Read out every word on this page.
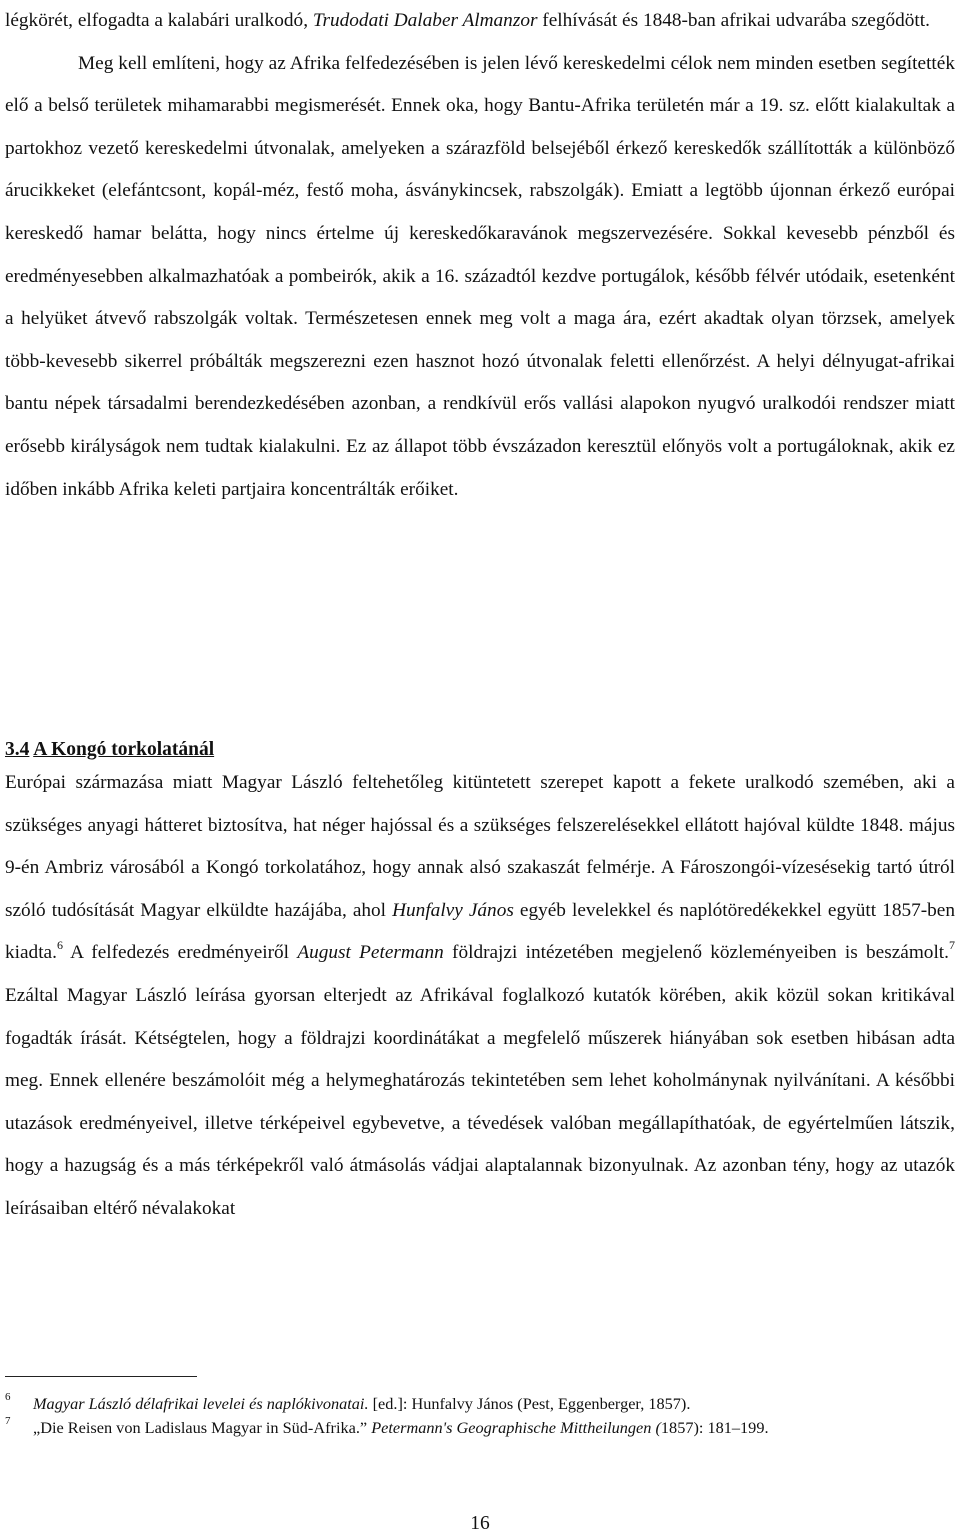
légkörét, elfogadta a kalabári uralkodó, Trudodati Dalaber Almanzor felhívását és 1848-ban afrikai udvarába szegődött.

Meg kell említeni, hogy az Afrika felfedezésében is jelen lévő kereskedelmi célok nem minden esetben segítették elő a belső területek mihamarabbi megismerését. Ennek oka, hogy Bantu-Afrika területén már a 19. sz. előtt kialakultak a partokhoz vezető kereskedelmi útvonalak, amelyeken a szárazföld belsejéből érkező kereskedők szállították a különböző árucikkeket (elefántcsont, kopál-méz, festő moha, ásványkincsek, rabszolgák). Emiatt a legtöbb újonnan érkező európai kereskedő hamar belátta, hogy nincs értelme új kereskedőkaravánok megszervezésére. Sokkal kevesebb pénzből és eredményesebben alkalmazhatóak a pombeirók, akik a 16. századtól kezdve portugálok, később félvér utódaik, esetenként a helyüket átvevő rabszolgák voltak. Természetesen ennek meg volt a maga ára, ezért akadtak olyan törzsek, amelyek több-kevesebb sikerrel próbálták megszerezni ezen hasznot hozó útvonalak feletti ellenőrzést. A helyi délnyugat-afrikai bantu népek társadalmi berendezkedésében azonban, a rendkívül erős vallási alapokon nyugvó uralkodói rendszer miatt erősebb királyságok nem tudtak kialakulni. Ez az állapot több évszázadon keresztül előnyös volt a portugáloknak, akik ez időben inkább Afrika keleti partjaira koncentrálták erőiket.

3.4 A Kongó torkolatánál

Európai származása miatt Magyar László feltehetőleg kitüntetett szerepet kapott a fekete uralkodó szemében, aki a szükséges anyagi hátteret biztosítva, hat néger hajóssal és a szükséges felszerelésekkel ellátott hajóval küldte 1848. május 9-én Ambriz városából a Kongó torkolatához, hogy annak alsó szakaszát felmérje. A Fároszongói-vízesésekig tartó útról szóló tudósítását Magyar elküldte hazájába, ahol Hunfalvy János egyéb levelekkel és naplótöredékekkel együtt 1857-ben kiadta.$^6$ A felfedezés eredményeiről August Petermann földrajzi intézetében megjelenő közleményeiben is beszámolt.$^7$ Ezáltal Magyar László leírása gyorsan elterjedt az Afrikával foglalkozó kutatók körében, akik közül sokan kritikával fogadták írását. Kétségtelen, hogy a földrajzi koordinátákat a megfelelő műszerek hiányában sok esetben hibásan adta meg. Ennek ellenére beszámolóit még a helymeghatározás tekintetében sem lehet koholmánynak nyilvánítani. A későbbi utazások eredményeivel, illetve térképeivel egybevetve, a tévedések valóban megállapíthatóak, de egyértelműen látszik, hogy a hazugság és a más térképekről való átmásolás vádjai alaptalannak bizonyulnak. Az azonban tény, hogy az utazók leírásaiban eltérő névalakokat

6 Magyar László délafrikai levelei és naplókivonatai. [ed.]: Hunfalvy János (Pest, Eggenberger, 1857).
7 „Die Reisen von Ladislaus Magyar in Süd-Afrika.” Petermann's Geographische Mittheilungen (1857): 181–199.
16
